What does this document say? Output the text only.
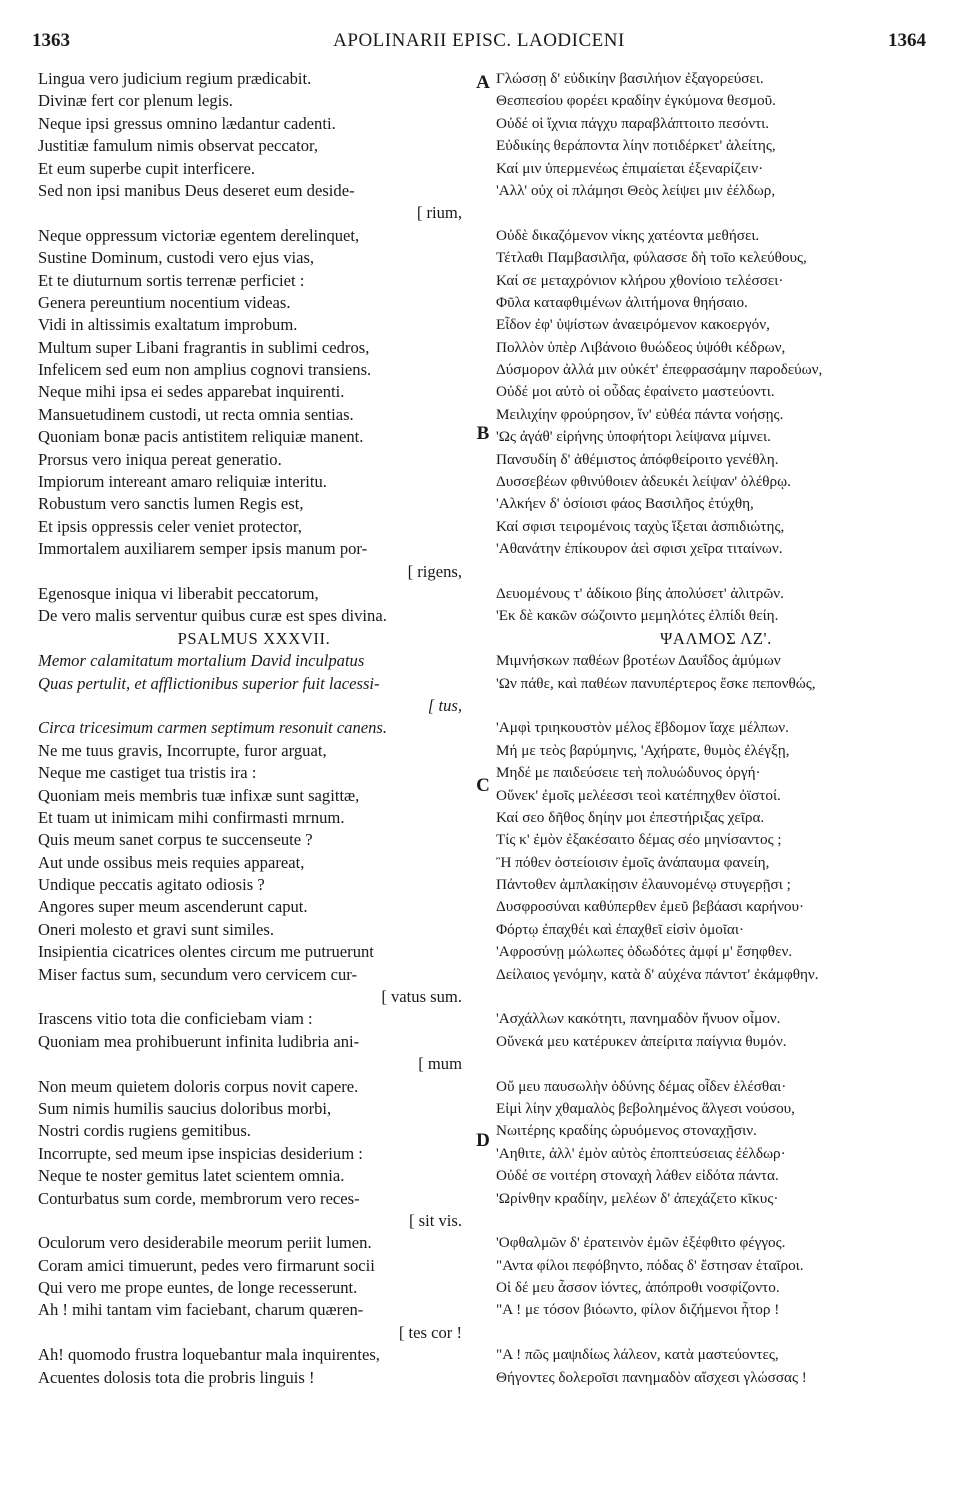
1363	APOLINARII EPISC. LAODICENI	1364
Lingua vero judicium regium prædicabit.
Divinæ fert cor plenum legis.
Neque ipsi gressus omnino lædantur cadenti.
Justitiæ famulum nimis observat peccator,
Et eum superbe cupit interficere.
Sed non ipsi manibus Deus deseret eum deside-
[ rium,
Neque oppressum victoriæ egentem derelinquet,
Sustine Dominum, custodi vero ejus vias,
Et te diuturnum sortis terrenæ perficiet :
Genera pereuntium nocentium videas.
Vidi in altissimis exaltatum improbum.
Multum super Libani fragrantis in sublimi cedros,
Infelicem sed eum non amplius cognovi transiens.
Neque mihi ipsa ei sedes apparebat inquirenti.
Mansuetudinem custodi, ut recta omnia sentias.
Quoniam bonæ pacis antistitem reliquiæ manent.
Prorsus vero iniqua pereat generatio.
Impiorum intereant amaro reliquiæ interitu.
Robustum vero sanctis lumen Regis est,
Et ipsis oppressis celer veniet protector,
Immortalem auxiliarem semper ipsis manum por-
[ rigens,
Egenosque iniqua vi liberabit peccatorum,
De vero malis serventur quibus curæ est spes divina.
PSALMUS XXXVII.
Memor calamitatum mortalium David inculpatus
Quas pertulit, et afflictionibus superior fuit lacessi-
[ tus,
Circa tricesimum carmen septimum resonuit canens.
Ne me tuus gravis, Incorrupte, furor arguat,
Neque me castiget tua tristis ira :
Quoniam meis membris tuæ infixæ sunt sagittæ,
Et tuam ut inimicam mihi confirmasti mrnum.
Quis meum sanet corpus te succenseute ?
Aut unde ossibus meis requies appareat,
Undique peccatis agitato odiosis ?
Angores super meum ascenderunt caput.
Oneri molesto et gravi sunt similes.
Insipientia cicatrices olentes circum me putruerunt
Miser factus sum, secundum vero cervicem cur-
[ vatus sum.
Irascens vitio tota die conficiebam viam :
Quoniam mea prohibuerunt infinita ludibria ani-
[ mum
Non meum quietem doloris corpus novit capere.
Sum nimis humilis saucius doloribus morbi,
Nostri cordis rugiens gemitibus.
Incorrupte, sed meum ipse inspicias desiderium :
Neque te noster gemitus latet scientem omnia.
Conturbatus sum corde, membrorum vero reces-
[ sit vis.
Oculorum vero desiderabile meorum periit lumen.
Coram amici timuerunt, pedes vero firmarunt socii
Qui vero me prope euntes, de longe recesserunt.
Ah ! mihi tantam vim faciebant, charum quæren-
[ tes cor !
Ah! quomodo frustra loquebantur mala inquirentes,
Acuentes dolosis tota die probris linguis !
Γλώσσῃ δ' εὐδικίην βασιλήιον ἐξαγορεύσει.
Θεσπεσίου φορέει κραδίην ἐγκύμονα θεσμοῦ.
Οὐδέ οἱ ἴχνια πάγχυ παραβλάπτοιτο πεσόντι.
Εὐδικίης θεράποντα λίην ποτιδέρκετ' ἀλείτης,
Καί μιν ὑπερμενέως ἐπιμαίεται ἐξεναρίζειν·
'Αλλ' οὐχ οἱ πλάμησι Θεὸς λείψει μιν ἐέλδωρ,
Οὐδὲ δικαζόμενον νίκης χατέοντα μεθήσει.
Τέτλαθι Παμβασιλῆα, φύλασσε δὴ τοῖο κελεύθους,
Καί σε μεταχρόνιον κλήρου χθονίοιο τελέσσει·
Φῦλα καταφθιμένων ἀλιτήμονα θηήσαιο.
Εἶδον ἐφ' ὑψίστων ἀναειρόμενον κακοεργόν,
Πολλὸν ὑπὲρ Λιβάνοιο θυώδεος ὑψόθι κέδρων,
Δύσμορον ἀλλά μιν οὐκέτ' ἐπεφρασάμην παροδεύων,
Οὐδέ μοι αὐτὸ οἱ οὖδας ἐφαίνετο μαστεύοντι.
Μειλιχίην φρούρησον, ἵν' εὐθέα πάντα νοήσῃς.
'Ως ἀγάθ' εἰρήνης ὑποφήτορι λείψανα μίμνει.
Πανσυδίη δ' ἀθέμιστος ἀπόφθείροιτο γενέθλη.
Δυσσεβέων φθινύθοιεν ἀδευκέι λείψαν' ὀλέθρῳ.
'Αλκήεν δ' ὁσίοισι φάος Βασιλῆος ἐτύχθη,
Καί σφισι τειρομένοις ταχὺς ἵξεται ἀσπιδιώτης,
'Αθανάτην ἐπίκουρον ἀεὶ σφισι χεῖρα τιταίνων.
Δευομένους τ' ἀδίκοιο βίης ἀπολύσετ' ἀλιτρῶν.
'Εκ δὲ κακῶν σώζοιντο μεμηλότες ἐλπίδι θείη.
ΨΑΛΜΟΣ ΛΖ'.
Μιμνήσκων παθέων βροτέων Δαυΐδος ἀμύμων
'Ων πάθε, καὶ παθέων πανυπέρτερος ἔσκε πεπονθώς,
'Αμφὶ τριηκουστὸν μέλος ἕβδομον ἴαχε μέλπων.
Μή με τεὸς βαρύμηνις, 'Αχήρατε, θυμὸς ἐλέγξῃ,
Μηδέ με παιδεύσειε τεὴ πολυώδυνος ὀργή·
Οὕνεκ' ἐμοῖς μελέεσσι τεοὶ κατέπηχθεν ὀϊστοί.
Καί σεο δῆθος δηίην μοι ἐπεστήριξας χεῖρα.
Τίς κ' ἐμὸν ἐξακέσαιτο δέμας σέο μηνίσαντος ;
Ἢ πόθεν ὀστείοισιν ἐμοῖς ἀνάπαυμα φανείη,
Πάντοθεν ἀμπλακίῃσιν ἐλαυνομένῳ στυγερῇσι ;
Δυσφροσύναι καθύπερθεν ἐμεῦ βεβάασι καρήνου·
Φόρτῳ ἐπαχθέι καὶ ἐπαχθεῖ εἰσὶν ὁμοῖαι·
'Αφροσύνῃ μώλωπες ὀδωδότες ἀμφί μ' ἔσηφθεν.
Δείλαιος γενόμην, κατὰ δ' αὐχένα πάντοτ' ἐκάμφθην.
'Ασχάλλων κακότητι, πανημαδὸν ἤνυον οἶμον.
Οὕνεκά μευ κατέρυκεν ἀπείριτα παίγνια θυμόν.
Οὔ μευ παυσωλὴν ὀδύνης δέμας οἶδεν ἑλέσθαι·
Εἰμὶ λίην χθαμαλὸς βεβολημένος ἄλγεσι νούσου,
Νωιτέρης κραδίης ὠρυόμενος στοναχῇσιν.
'Αηθιτε, ἀλλ' ἐμὸν αὐτὸς ἐποπτεύσειας ἐέλδωρ·
Οὐδέ σε νοιτέρη στοναχὴ λάθεν εἰδότα πάντα.
'Ωρίνθην κραδίην, μελέων δ' ἀπεχάζετο κῖκυς·
'Οφθαλμῶν δ' ἐρατεινὸν ἐμῶν ἐξέφθιτο φέγγος.
"Αντα φίλοι πεφόβηντο, πόδας δ' ἔστησαν ἑταῖροι.
Οἱ δέ μευ ἆσσον ἰόντες, ἀπόπροθι νοσφίζοντο.
"Α ! με τόσον βιόωντο, φίλον διζήμενοι ἦτορ !
"Α ! πῶς μαψιδίως λάλεον, κατὰ μαστεύοντες,
Θήγοντες δολεροῖσι πανημαδὸν αἴσχεσι γλώσσας !
A
B
C
D
